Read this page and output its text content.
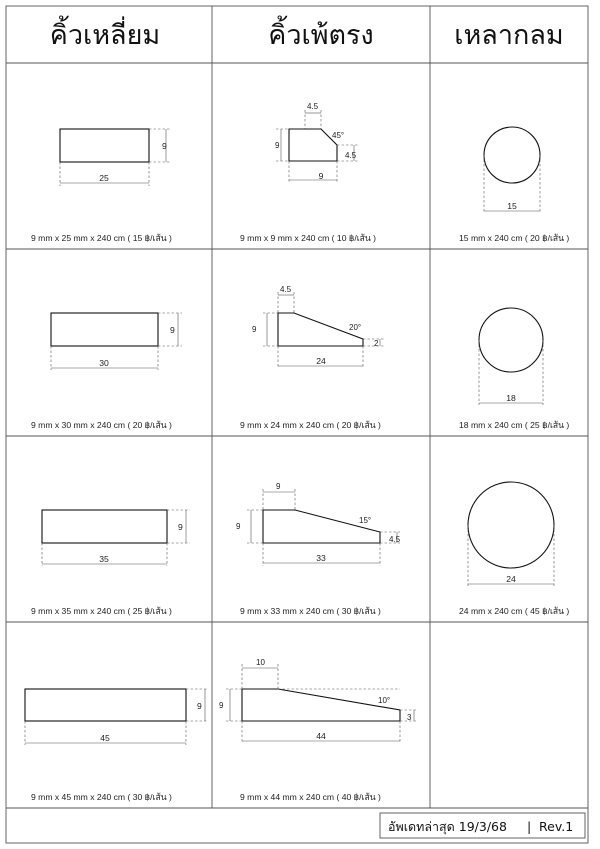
คิ้วเหลี่ยม	คิ้วเพ้ตรง	เหลากลม
9
25
9 mm x 25 mm x 240 cm ( 15 ฿/เส้น )
9
30
9 mm x 30 mm x 240 cm ( 20 ฿/เส้น )
9
35
9 mm x 35 mm x 240 cm ( 25 ฿/เส้น )
9
45
9 mm x 45 mm x 240 cm ( 30 ฿/เส้น )
4.5
9
4.5
45°
9
9 mm x 9 mm x 240 cm ( 10 ฿/เส้น )
4.5
9
2
20°
24
9 mm x 24 mm x 240 cm ( 20 ฿/เส้น )
9
9
4.5
15°
33
9 mm x 33 mm x 240 cm ( 30 ฿/เส้น )
10
9
3
10°
44
9 mm x 44 mm x 240 cm ( 40 ฿/เส้น )
15
15 mm x 240 cm ( 20 ฿/เส้น )
18
18 mm x 240 cm ( 25 ฿/เส้น )
24
24 mm x 240 cm ( 45 ฿/เส้น )
อัพเดทล่าสุด 19/3/68 | Rev.1
